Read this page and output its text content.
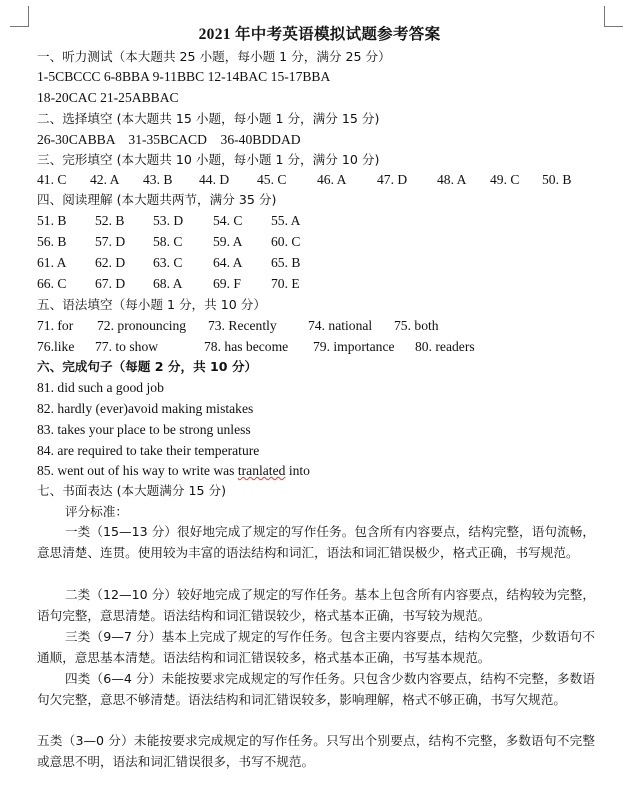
2021 年中考英语模拟试题参考答案
一、听力测试（本大题共 25 小题，每小题 1 分，满分 25 分）
1-5CBCCC 6-8BBA 9-11BBC 12-14BAC 15-17BBA
18-20CAC 21-25ABBAC
二、选择填空 (本大题共 15 小题，每小题 1 分，满分 15 分)
26-30CABBA    31-35BCACD    36-40BDDAD
三、完形填空 (本大题共 10 小题，每小题 1 分，满分 10 分)
41. C 42. A 43. B 44. D 45. C 46. A 47. D 48. A 49. C 50. B
四、阅读理解 (本大题共两节，满分 35 分)
51. B 52. B 53. D 54. C 55. A
56. B 57. D 58. C 59. A 60. C
61. A 62. D 63. C 64. A 65. B
66. C 67. D 68. A 69. F 70. E
五、语法填空（每小题 1 分，共 10 分）
71. for 72. pronouncing 73. Recently 74. national 75. both
76.like 77. to show	78. has become 79. importance 80. readers
六、完成句子（每题 2 分，共 10 分）
81. did such a good job
82. hardly (ever)avoid making mistakes
83. takes your place to be strong unless
84. are required to take their temperature
85. went out of his way to write was tranlated into
七、书面表达 (本大题满分 15 分)
评分标准：
一类（15—13 分）很好地完成了规定的写作任务。包含所有内容要点，结构完整，语句流畅，意思清楚、连贯。使用较为丰富的语法结构和词汇，语法和词汇错误极少，格式正确，书写规范。
二类（12—10 分）较好地完成了规定的写作任务。基本上包含所有内容要点，结构较为完整，语句完整，意思清楚。语法结构和词汇错误较少，格式基本正确，书写较为规范。
三类（9—7 分）基本上完成了规定的写作任务。包含主要内容要点，结构欠完整，少数语句不通顺，意思基本清楚。语法结构和词汇错误较多，格式基本正确，书写基本规范。
四类（6—4 分）未能按要求完成规定的写作任务。只包含少数内容要点，结构不完整，多数语句欠完整，意思不够清楚。语法结构和词汇错误较多，影响理解，格式不够正确，书写欠规范。
五类（3—0 分）未能按要求完成规定的写作任务。只写出个别要点，结构不完整，多数语句不完整或意思不明，语法和词汇错误很多，书写不规范。
